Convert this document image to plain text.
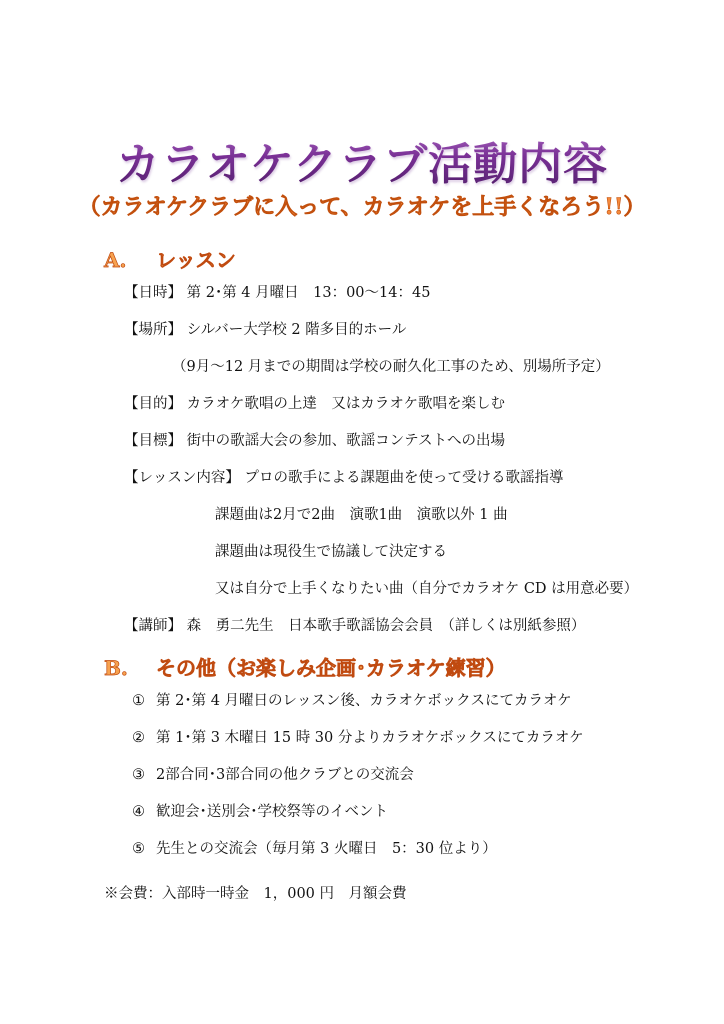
カラオケクラブ活動内容
（カラオケクラブに入って、カラオケを上手くなろう!!）
A. レッスン
【日時】 第 2･第 4 月曜日　13：00～14：45
【場所】 シルバー大学校 2 階多目的ホール
（9月～12 月までの期間は学校の耐久化工事のため、別場所予定）
【目的】 カラオケ歌唱の上達　又はカラオケ歌唱を楽しむ
【目標】 街中の歌謡大会の参加、歌謡コンテストへの出場
【レッスン内容】 プロの歌手による課題曲を使って受ける歌謡指導
課題曲は2月で2曲　演歌1曲　演歌以外 1 曲
課題曲は現役生で協議して決定する
又は自分で上手くなりたい曲（自分でカラオケ CD は用意必要）
【講師】 森　勇二先生　日本歌手歌謡協会会員　（詳しくは別紙参照）
B. その他（お楽しみ企画･カラオケ練習）
① 第 2･第 4 月曜日のレッスン後、カラオケボックスにてカラオケ
② 第 1･第 3 木曜日 15 時 30 分よりカラオケボックスにてカラオケ
③ 2部合同･3部合同の他クラブとの交流会
④ 歓迎会･送別会･学校祭等のイベント
⑤ 先生との交流会（毎月第 3 火曜日　5：30 位より）
※会費：入部時一時金　1，000 円　月額会費
